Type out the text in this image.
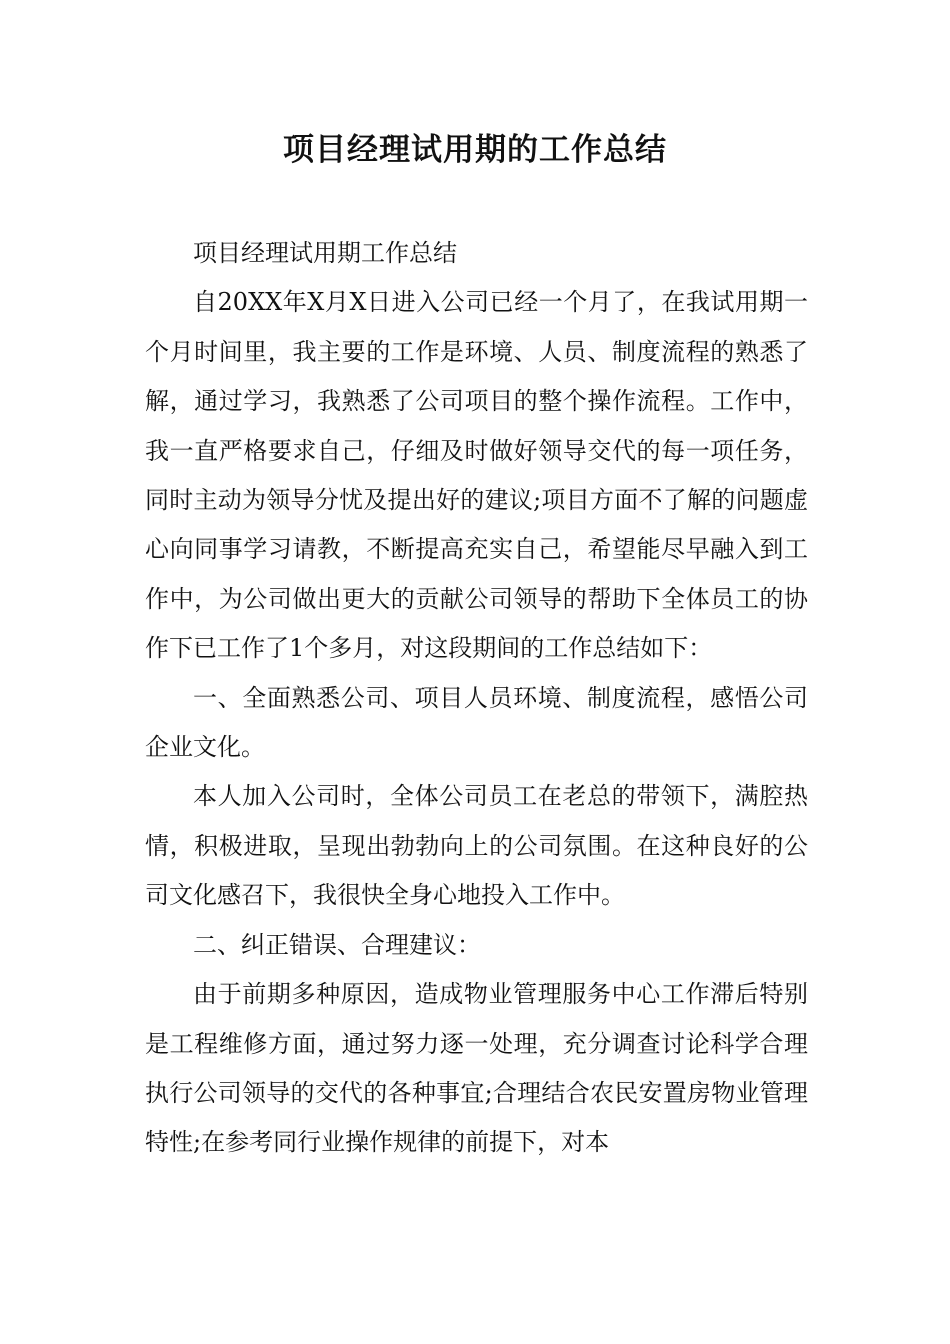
项目经理试用期的工作总结

项目经理试用期工作总结

自20XX年X月X日进入公司已经一个月了，在我试用期一个月时间里，我主要的工作是环境、人员、制度流程的熟悉了解，通过学习，我熟悉了公司项目的整个操作流程。工作中，我一直严格要求自己，仔细及时做好领导交代的每一项任务，同时主动为领导分忧及提出好的建议;项目方面不了解的问题虚心向同事学习请教，不断提高充实自己，希望能尽早融入到工作中，为公司做出更大的贡献公司领导的帮助下全体员工的协作下已工作了1个多月，对这段期间的工作总结如下：

一、全面熟悉公司、项目人员环境、制度流程，感悟公司企业文化。

本人加入公司时，全体公司员工在老总的带领下，满腔热情，积极进取，呈现出勃勃向上的公司氛围。在这种良好的公司文化感召下，我很快全身心地投入工作中。

二、纠正错误、合理建议：

由于前期多种原因，造成物业管理服务中心工作滞后特别是工程维修方面，通过努力逐一处理，充分调查讨论科学合理执行公司领导的交代的各种事宜;合理结合农民安置房物业管理特性;在参考同行业操作规律的前提下，对本
